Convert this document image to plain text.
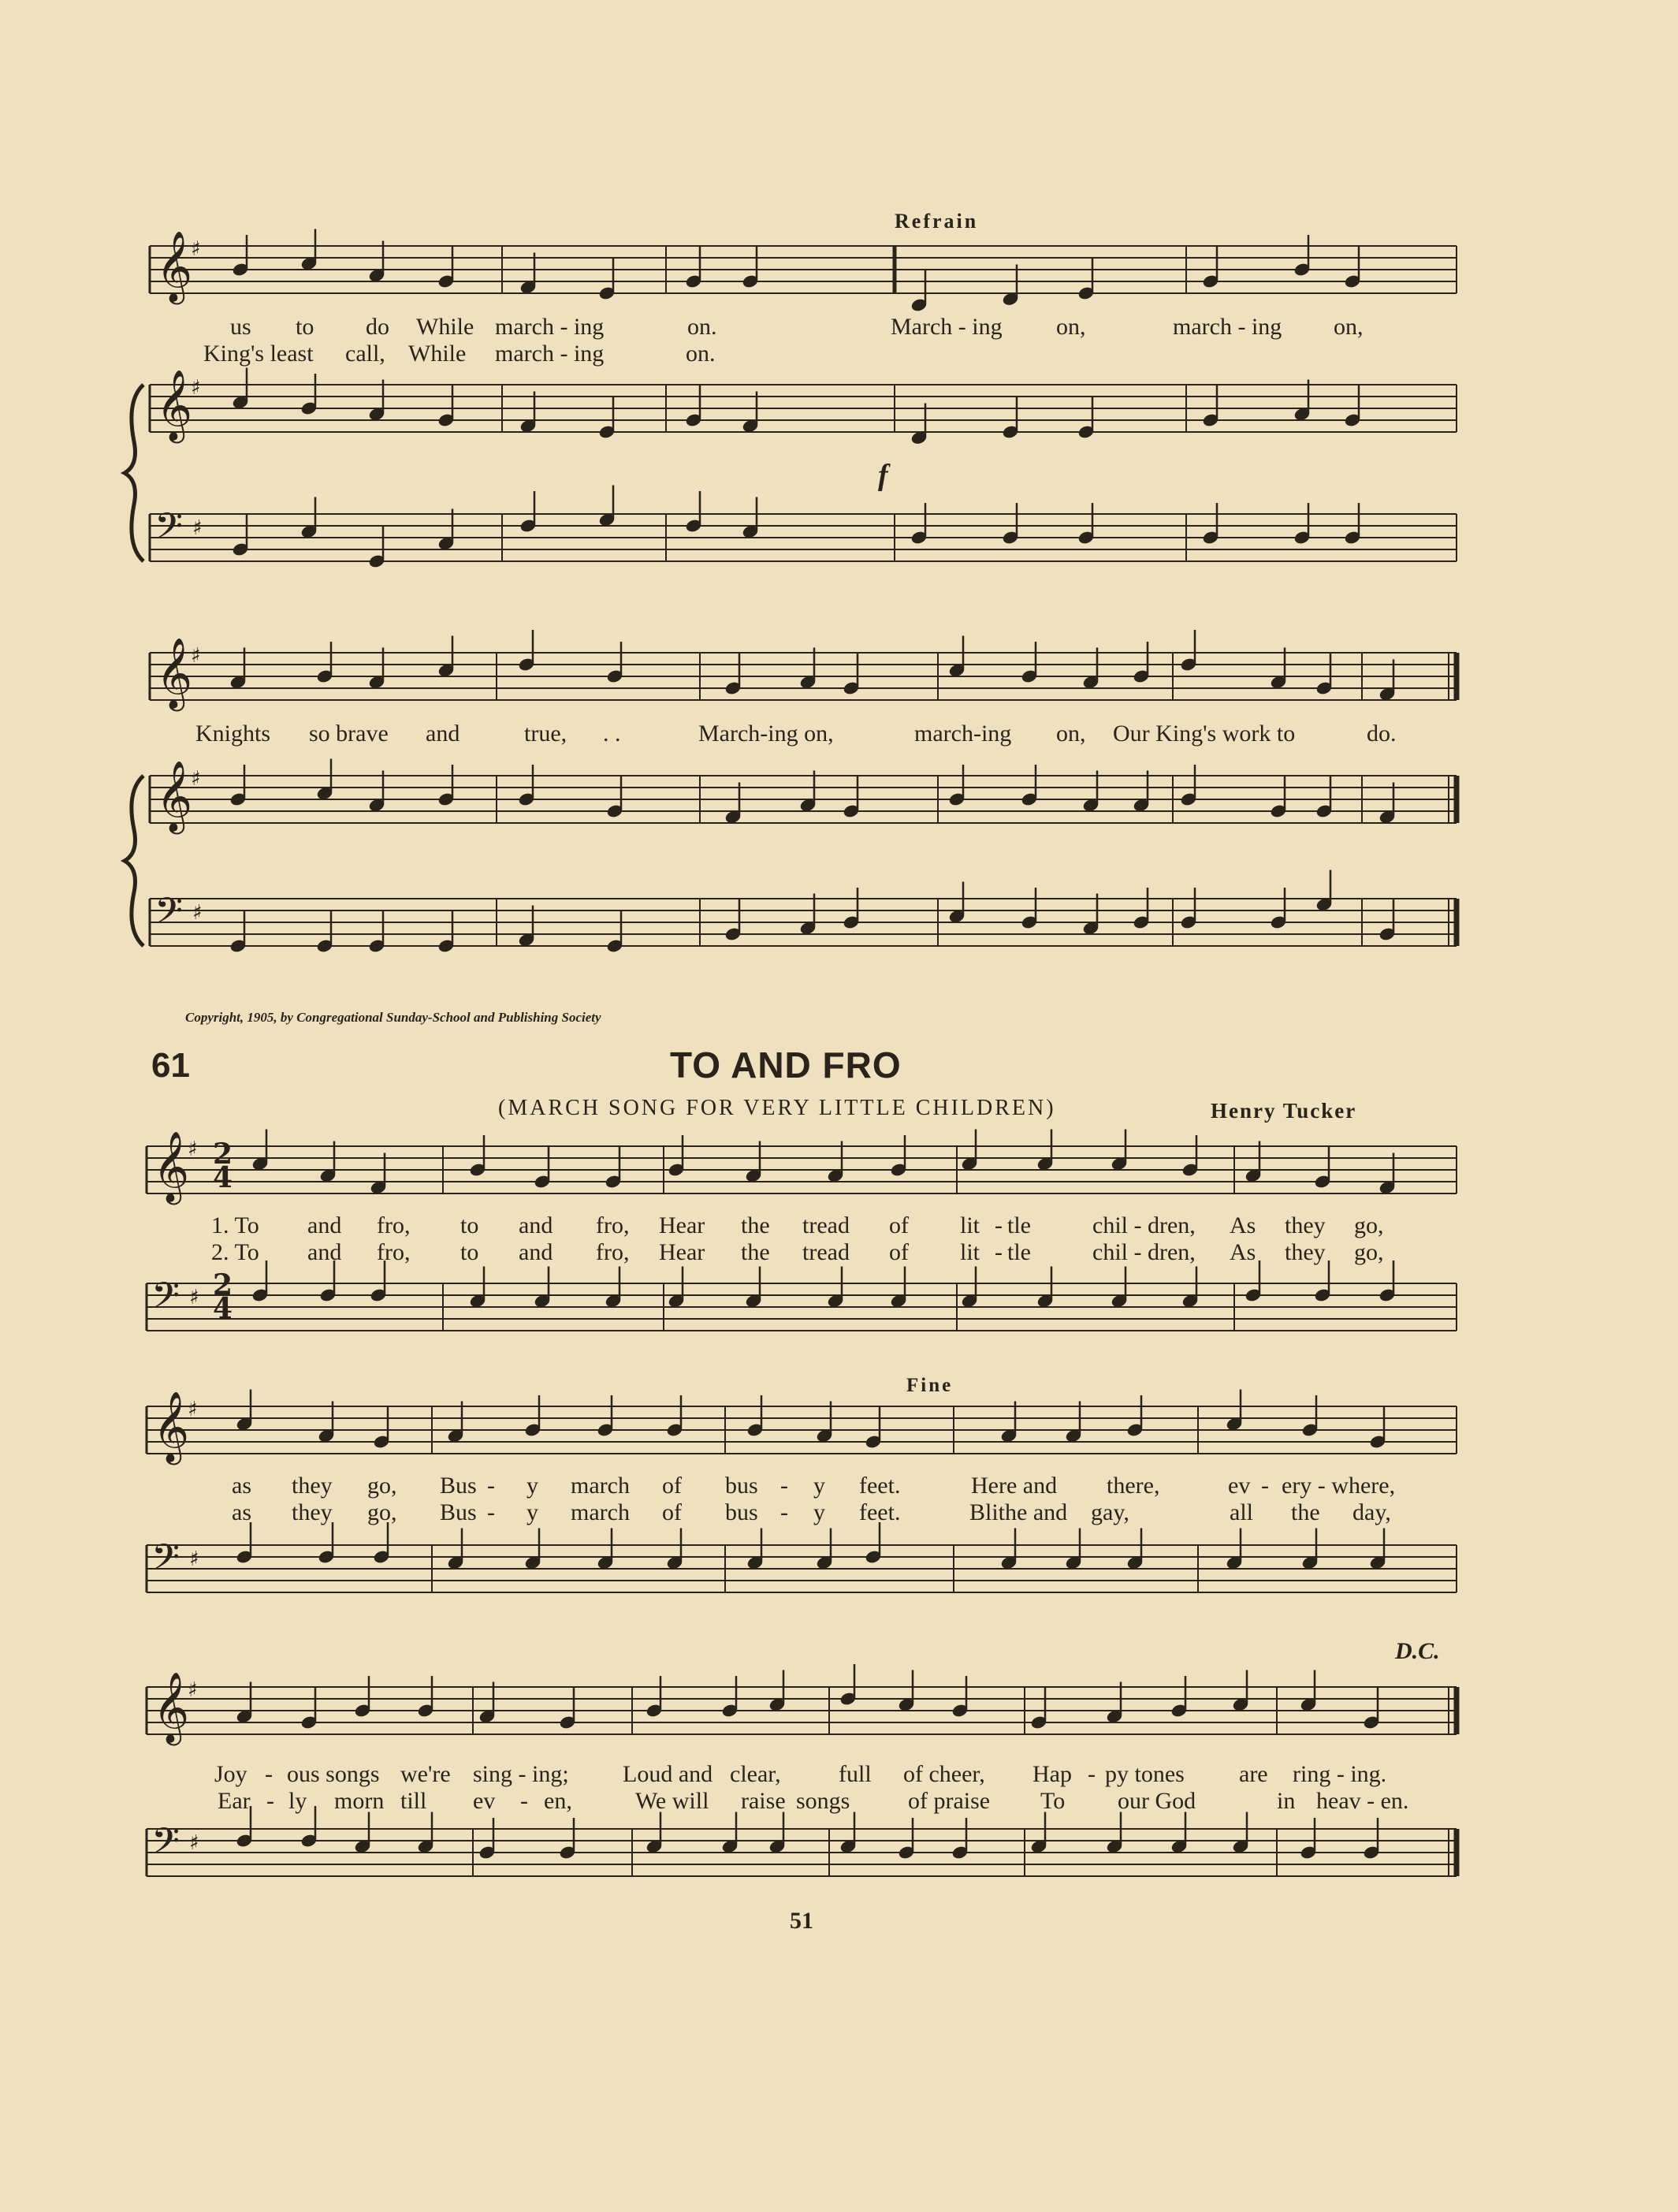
𝄞
♯
𝄞
♯
𝄢 ♯
𝄞
♯
𝄞
♯
𝄢 ♯
𝄞
♯
𝄢 ♯
𝄞
♯
𝄢 ♯
𝄞
♯
𝄢 ♯
Refrain
us to do While march - ing	on.	March - ing on,	march - ing on,
King's least call, While march - ing	on.
f
Knights so brave and	true, . .	March-ing on,	march-ing on, Our King's work to	do.
Copyright, 1905, by Congregational Sunday-School and Publishing Society
61	TO AND FRO
(MARCH SONG FOR VERY LITTLE CHILDREN)	Henry Tucker
2
4
2
4
1. To and fro, to and fro, Hear the tread of lit - tle	chil - dren, As they go,
2. To and fro, to and fro, Hear the tread of lit - tle	chil - dren, As they go,
Fine
as they go, Bus - y march of bus - y feet.	Here and there,	ev - ery - where,
as they go, Bus - y march of bus - y feet.	Blithe and gay,	all the day,
D.C.
Joy - ous songs we're sing - ing; Loud and clear, full of cheer, Hap - py tones are ring - ing.
Ear - ly morn till ev - en,	We will raise songs of praise To our God	in heav - en.
51
